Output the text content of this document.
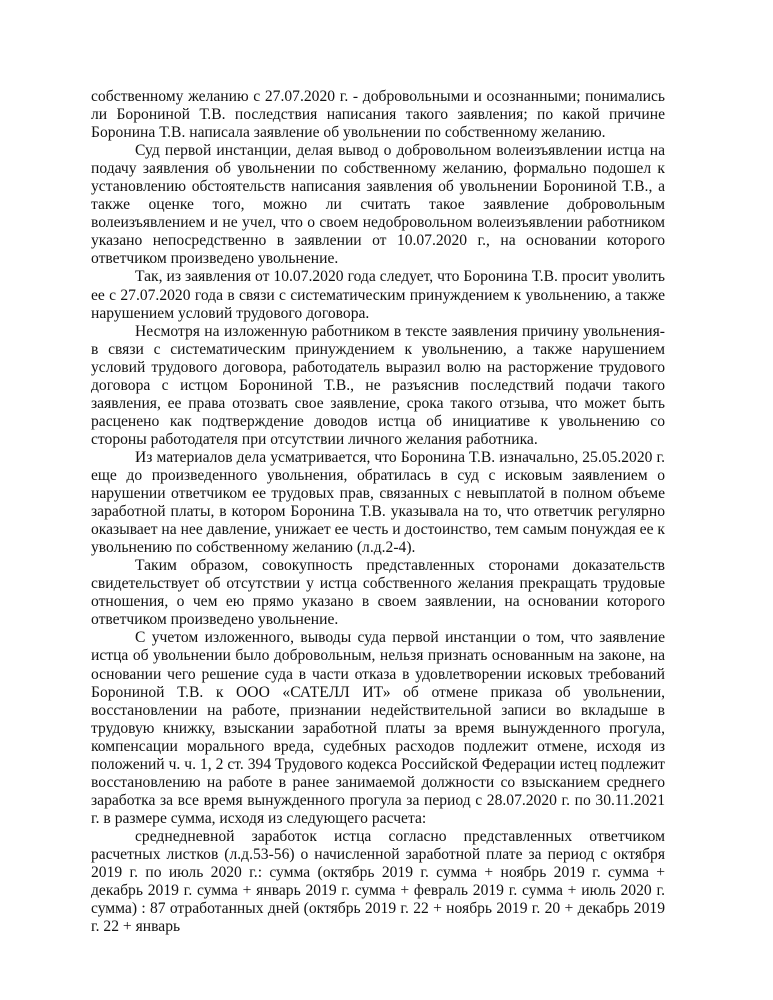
собственному желанию с 27.07.2020 г. - добровольными и осознанными; понимались ли Борониной Т.В. последствия написания такого заявления; по какой причине Боронина Т.В. написала заявление об увольнении по собственному желанию.

Суд первой инстанции, делая вывод о добровольном волеизъявлении истца на подачу заявления об увольнении по собственному желанию, формально подошел к установлению обстоятельств написания заявления об увольнении Борониной Т.В., а также оценке того, можно ли считать такое заявление добровольным волеизъявлением и не учел, что о своем недобровольном волеизъявлении работником указано непосредственно в заявлении от 10.07.2020 г., на основании которого ответчиком произведено увольнение.

Так, из заявления от 10.07.2020 года следует, что Боронина Т.В. просит уволить ее с 27.07.2020 года в связи с систематическим принуждением к увольнению, а также нарушением условий трудового договора.

Несмотря на изложенную работником в тексте заявления причину увольнения- в связи с систематическим принуждением к увольнению, а также нарушением условий трудового договора, работодатель выразил волю на расторжение трудового договора с истцом Борониной Т.В., не разъяснив последствий подачи такого заявления, ее права отозвать свое заявление, срока такого отзыва, что может быть расценено как подтверждение доводов истца об инициативе к увольнению со стороны работодателя при отсутствии личного желания работника.

Из материалов дела усматривается, что Боронина Т.В. изначально, 25.05.2020 г. еще до произведенного увольнения, обратилась в суд с исковым заявлением о нарушении ответчиком ее трудовых прав, связанных с невыплатой в полном объеме заработной платы, в котором Боронина Т.В. указывала на то, что ответчик регулярно оказывает на нее давление, унижает ее честь и достоинство, тем самым понуждая ее к увольнению по собственному желанию (л.д.2-4).

Таким образом, совокупность представленных сторонами доказательств свидетельствует об отсутствии у истца собственного желания прекращать трудовые отношения, о чем ею прямо указано в своем заявлении, на основании которого ответчиком произведено увольнение.

С учетом изложенного, выводы суда первой инстанции о том, что заявление истца об увольнении было добровольным, нельзя признать основанным на законе, на основании чего решение суда в части отказа в удовлетворении исковых требований Борониной Т.В. к ООО «САТЕЛЛ ИТ» об отмене приказа об увольнении, восстановлении на работе, признании недействительной записи во вкладыше в трудовую книжку, взыскании заработной платы за время вынужденного прогула, компенсации морального вреда, судебных расходов подлежит отмене, исходя из положений ч. ч. 1, 2 ст. 394 Трудового кодекса Российской Федерации истец подлежит восстановлению на работе в ранее занимаемой должности со взысканием среднего заработка за все время вынужденного прогула за период с 28.07.2020 г. по 30.11.2021 г. в размере сумма, исходя из следующего расчета:

среднедневной заработок истца согласно представленных ответчиком расчетных листков (л.д.53-56) о начисленной заработной плате за период с октября 2019 г. по июль 2020 г.: сумма (октябрь 2019 г. сумма + ноябрь 2019 г. сумма + декабрь 2019 г. сумма + январь 2019 г. сумма + февраль 2019 г. сумма + июль 2020 г. сумма) : 87 отработанных дней (октябрь 2019 г. 22 + ноябрь 2019 г. 20 + декабрь 2019 г. 22 + январь
